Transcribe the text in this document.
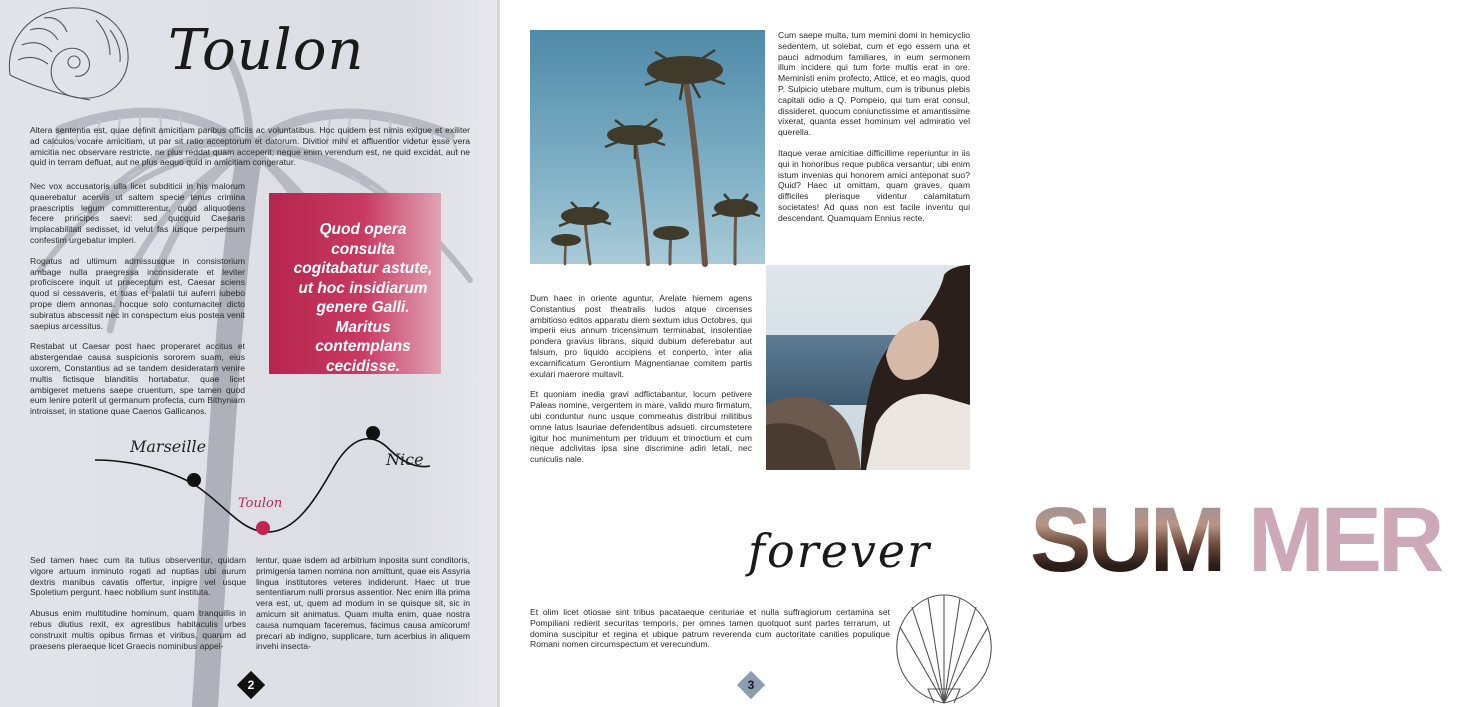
Toulon

Altera sententia est, quae definit amicitiam paribus officiis ac voluntatibus. Hoc quidem est nimis exigue et exiliter ad calculos vocare amicitiam, ut par sit ratio acceptorum et datorum. Divitior mihi et affluentior videtur esse vera amicitia nec observare restricte, ne plus reddat quam acceperit; neque enim verendum est, ne quid excidat, aut ne quid in terram defluat, aut ne plus aequo quid in amicitiam congeratur.

Nec vox accusatoris ulla licet subditicii in his malorum quaerebatur acervis ut saltem specie tenus crimina praescriptis legum committerentur, quod aliquotiens fecere principes saevi: sed quicquid Caesaris implacabilitati sedisset, id velut fas iusque perpensum confestim urgebatur impleri.

Rogatus ad ultimum admissusque in consistorium ambage nulla praegressa inconsiderate et leviter proficiscere inquit ut praeceptum est, Caesar sciens quod si cessaveris, et tuas et palatii tui auferri iubebo prope diem annonas. hocque solo contumaciter dicto subiratus abscessit nec in conspectum eius postea venit saepius arcessitus.

Restabat ut Caesar post haec properaret accitus et abstergendae causa suspicionis sororem suam, eius uxorem, Constantius ad se tandem desideratam venire multis fictisque blanditiis hortabatur. quae licet ambigeret metuens saepe cruentum, spe tamen quod eum lenire poterit ut germanum profecta, cum Bithyniam introisset, in statione quae Caenos Gallicanos.

Quod opera consulta cogitabatur astute, ut hoc insidiarum genere Galli. Maritus contemplans cecidisse.
Marseille
Toulon
Nice

Sed tamen haec cum ita tutius observentur, quidam vigore artuum inminuto rogati ad nuptias ubi aurum dextris manibus cavatis offertur, inpigre vel usque Spoletium pergunt. haec nobilium sunt instituta.

Abusus enim multitudine hominum, quam tranquillis in rebus diutius rexit, ex agrestibus habitaculis urbes construxit multis opibus firmas et viribus, quarum ad praesens pleraeque licet Graecis nominibus appel-

lentur, quae isdem ad arbitrium inposita sunt conditoris, primigenia tamen nomina non amittunt, quae eis Assyria lingua institutores veteres indiderunt. Haec ut true sententiarum nulli prorsus assentior. Nec enim illa prima vera est, ut, quem ad modum in se quisque sit, sic in amicum sit animatus. Quam multa enim, quae nostra causa numquam faceremus, facimus causa amicorum! precari ab indigno, supplicare, tum acerbius in aliquem invehi insecta-

2

Cum saepe multa, tum memini domi in hemicyclio sedentem, ut solebat, cum et ego essem una et pauci admodum familiares, in eum sermonem illum incidere qui tum forte multis erat in ore. Meministi enim profecto, Attice, et eo magis, quod P. Sulpicio utebare multum, cum is tribunus plebis capitali odio a Q. Pompeio, qui tum erat consul, dissideret, quocum coniunctissime et amantissime vixerat, quanta esset hominum vel admiratio vel querella.

Itaque verae amicitiae difficillime reperiuntur in iis qui in honoribus reque publica versantur; ubi enim istum invenias qui honorem amici anteponat suo? Quid? Haec ut omittam, quam graves, quam difficiles plerisque videntur calamitatum societates! Ad quas non est facile inventu qui descendant. Quamquam Ennius recte.

Dum haec in oriente aguntur, Arelate hiemem agens Constantius post theatralis ludos atque circenses ambitioso editos apparatu diem sextum idus Octobres, qui imperii eius annum tricensimum terminabat, insolentiae pondera gravius librans, siquid dubium deferebatur aut falsum, pro liquido accipiens et conperto, inter alia excarnificatum Gerontium Magnentianae comitem partis exulari maerore multavit.

Et quoniam inedia gravi adflictabantur, locum petivere Paleas nomine, vergentem in mare, valido muro firmatum, ubi conduntur nunc usque commeatus distribui militibus omne latus Isauriae defendentibus adsueti. circumstetere igitur hoc munimentum per triduum et trinoctium et cum neque adclivitas ipsa sine discrimine adiri letali, nec cuniculis nale.

SUM MER
forever

Et olim licet otiosae sint tribus pacataeque centuriae et nulla suffragiorum certamina set Pompiliani redierit securitas temporis, per omnes tamen quotquot sunt partes terrarum, ut domina suscipitur et regina et ubique patrum reverenda cum auctoritate canities populique Romani nomen circumspectum et verecundum.

3
